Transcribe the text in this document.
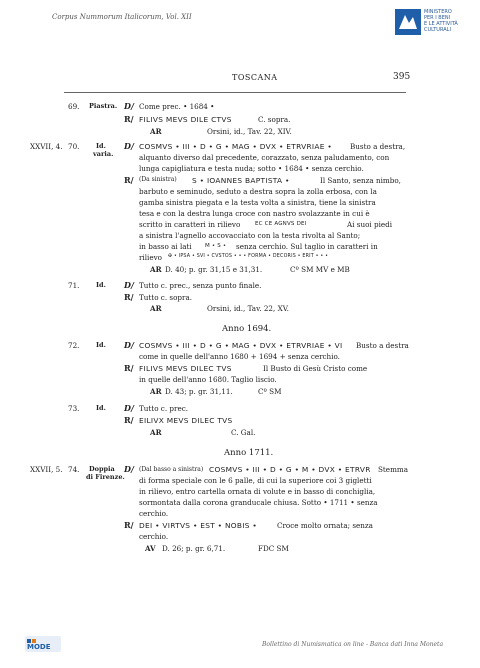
Corpus Nummorum Italicorum, Vol. XII
MINISTERO
PER I BENI
E LE ATTIVITÀ
CULTURALI
TOSCANA	395
69. Piastra. D/ Come prec. • 1684 •
R/ FILIVS MEVS DILE CTVS	C. sopra.
AR	Orsini, id., Tav. 22, XIV.
XXVII, 4. 70.	Id.
varia.
D/ COSMVS • III • D • G • MAG • DVX • ETRVRIAE • Busto a destra,
alquanto diverso dal precedente, corazzato, senza paludamento, con
lunga capigliatura e testa nuda; sotto • 1684 • senza cerchio.
R/ (Da sinistra) S • IOANNES BAPTISTA •	Il Santo, senza nimbo,
barbuto e seminudo, seduto a destra sopra la zolla erbosa, con la
gamba sinistra piegata e la testa volta a sinistra, tiene la sinistra
tesa e con la destra lunga croce con nastro svolazzante in cui è
scritto in caratteri in rilievo	EC CE AGNVS DEI	Ai suoi piedi
a sinistra l'agnello accovacciato con la testa rivolta al Santo;
in basso ai lati M • S • senza cerchio. Sul taglio in caratteri in
rilievo ✠ • IPSA • SVI • CVSTOS • • • FORMA • DECORIS • ERIT • • •
AR D. 40; p. gr. 31,15 e 31,31.	Cº SM MV e MB
71.	Id. D/ Tutto c. prec., senza punto finale.
R/ Tutto c. sopra.
AR	Orsini, id., Tav. 22, XV.
Anno 1694.
72.	Id. D/ COSMVS • III • D • G • MAG • DVX • ETRVRIAE • VI Busto a destra
come in quelle dell'anno 1680 + 1694 + senza cerchio.
R/ FILIVS MEVS DILEC TVS	Il Busto di Gesù Cristo come
in quelle dell'anno 1680. Taglio liscio.
AR D. 43; p. gr. 31,11.	Cº SM
73.	Id. D/ Tutto c. prec.
R/ EILIVX MEVS DILEC TVS
AR	C. Gal.
Anno 1711.
XXVII, 5. 74. Doppia
di Firenze.
D/ (Dal basso a sinistra) COSMVS • III • D • G • M • DVX • ETRVR Stemma
di forma speciale con le 6 palle, di cui la superiore coi 3 gigletti
in rilievo, entro cartella ornata di volute e in basso di conchiglia,
sormontata dalla corona granducale chiusa. Sotto • 1711 • senza
cerchio.
R/ DEI • VIRTVS • EST • NOBIS •	Croce molto ornata; senza
cerchio.
AV D. 26; p. gr. 6,71.	FDC SM
MODE	Bollettino di Numismatica on line - Banca dati Inna Moneta
